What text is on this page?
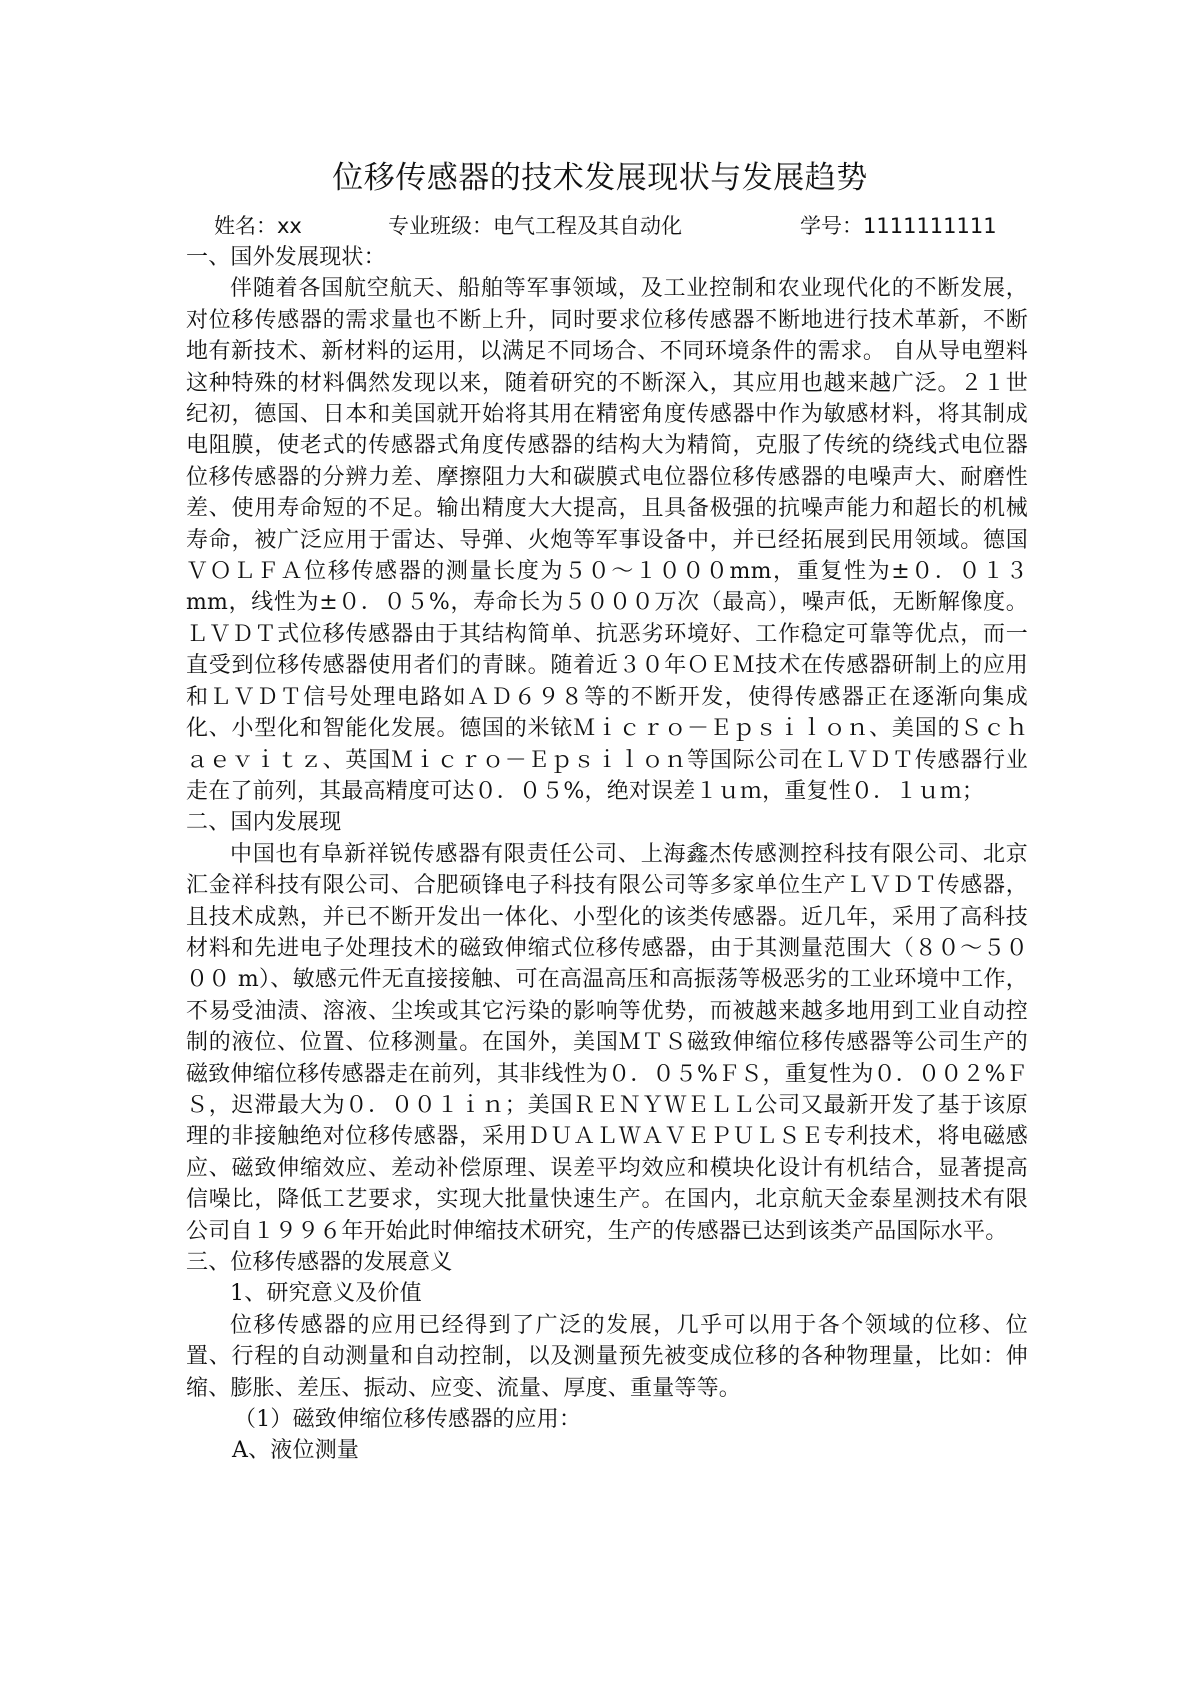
位移传感器的技术发展现状与发展趋势
姓名：xx	专业班级：电气工程及其自动化	学号：1111111111

一、国外发展现状：

伴随着各国航空航天、船舶等军事领域，及工业控制和农业现代化的不断发展，对位移传感器的需求量也不断上升，同时要求位移传感器不断地进行技术革新，不断地有新技术、新材料的运用，以满足不同场合、不同环境条件的需求。 自从导电塑料这种特殊的材料偶然发现以来，随着研究的不断深入，其应用也越来越广泛。２１世纪初，德国、日本和美国就开始将其用在精密角度传感器中作为敏感材料，将其制成电阻膜，使老式的传感器式角度传感器的结构大为精简，克服了传统的绕线式电位器位移传感器的分辨力差、摩擦阻力大和碳膜式电位器位移传感器的电噪声大、耐磨性差、使用寿命短的不足。输出精度大大提高，且具备极强的抗噪声能力和超长的机械寿命，被广泛应用于雷达、导弹、火炮等军事设备中，并已经拓展到民用领域。德国ＶＯＬＦＡ位移传感器的测量长度为５０～１０００mm，重复性为±０．０１３mm，线性为±０．０５%，寿命长为５０００万次（最高），噪声低，无断解像度。 ＬＶＤＴ式位移传感器由于其结构简单、抗恶劣环境好、工作稳定可靠等优点，而一直受到位移传感器使用者们的青睐。随着近３０年ＯＥＭ技术在传感器研制上的应用和ＬＶＤＴ信号处理电路如ＡＤ６９８等的不断开发，使得传感器正在逐渐向集成化、小型化和智能化发展。德国的米铱Ｍｉｃｒｏ－Ｅｐｓｉｌｏｎ、美国的Ｓｃｈａｅｖｉｔｚ、英国Ｍｉｃｒｏ－Ｅｐｓｉｌｏｎ等国际公司在ＬＶＤＴ传感器行业走在了前列，其最高精度可达０．０５%，绝对误差１ｕｍ，重复性０．１ｕｍ；

二、国内发展现

中国也有阜新祥锐传感器有限责任公司、上海鑫杰传感测控科技有限公司、北京汇金祥科技有限公司、合肥硕锋电子科技有限公司等多家单位生产ＬＶＤＴ传感器，且技术成熟，并已不断开发出一体化、小型化的该类传感器。近几年，采用了高科技材料和先进电子处理技术的磁致伸缩式位移传感器，由于其测量范围大（８０～５０００ m）、敏感元件无直接接触、可在高温高压和高振荡等极恶劣的工业环境中工作，不易受油渍、溶液、尘埃或其它污染的影响等优势，而被越来越多地用到工业自动控制的液位、位置、位移测量。在国外，美国ＭＴＳ磁致伸缩位移传感器等公司生产的磁致伸缩位移传感器走在前列，其非线性为０．０５%ＦＳ，重复性为０．００２%ＦＳ，迟滞最大为０．００１ｉｎ；美国ＲＥＮＹＷＥＬＬ公司又最新开发了基于该原理的非接触绝对位移传感器，采用ＤＵＡＬＷＡＶＥＰＵＬＳＥ专利技术，将电磁感应、磁致伸缩效应、差动补偿原理、误差平均效应和模块化设计有机结合，显著提高信噪比，降低工艺要求，实现大批量快速生产。在国内，北京航天金泰星测技术有限公司自１９９６年开始此时伸缩技术研究，生产的传感器已达到该类产品国际水平。

三、位移传感器的发展意义

1、研究意义及价值

位移传感器的应用已经得到了广泛的发展，几乎可以用于各个领域的位移、位置、行程的自动测量和自动控制，以及测量预先被变成位移的各种物理量，比如：伸缩、膨胀、差压、振动、应变、流量、厚度、重量等等。

（1）磁致伸缩位移传感器的应用：

A、液位测量
